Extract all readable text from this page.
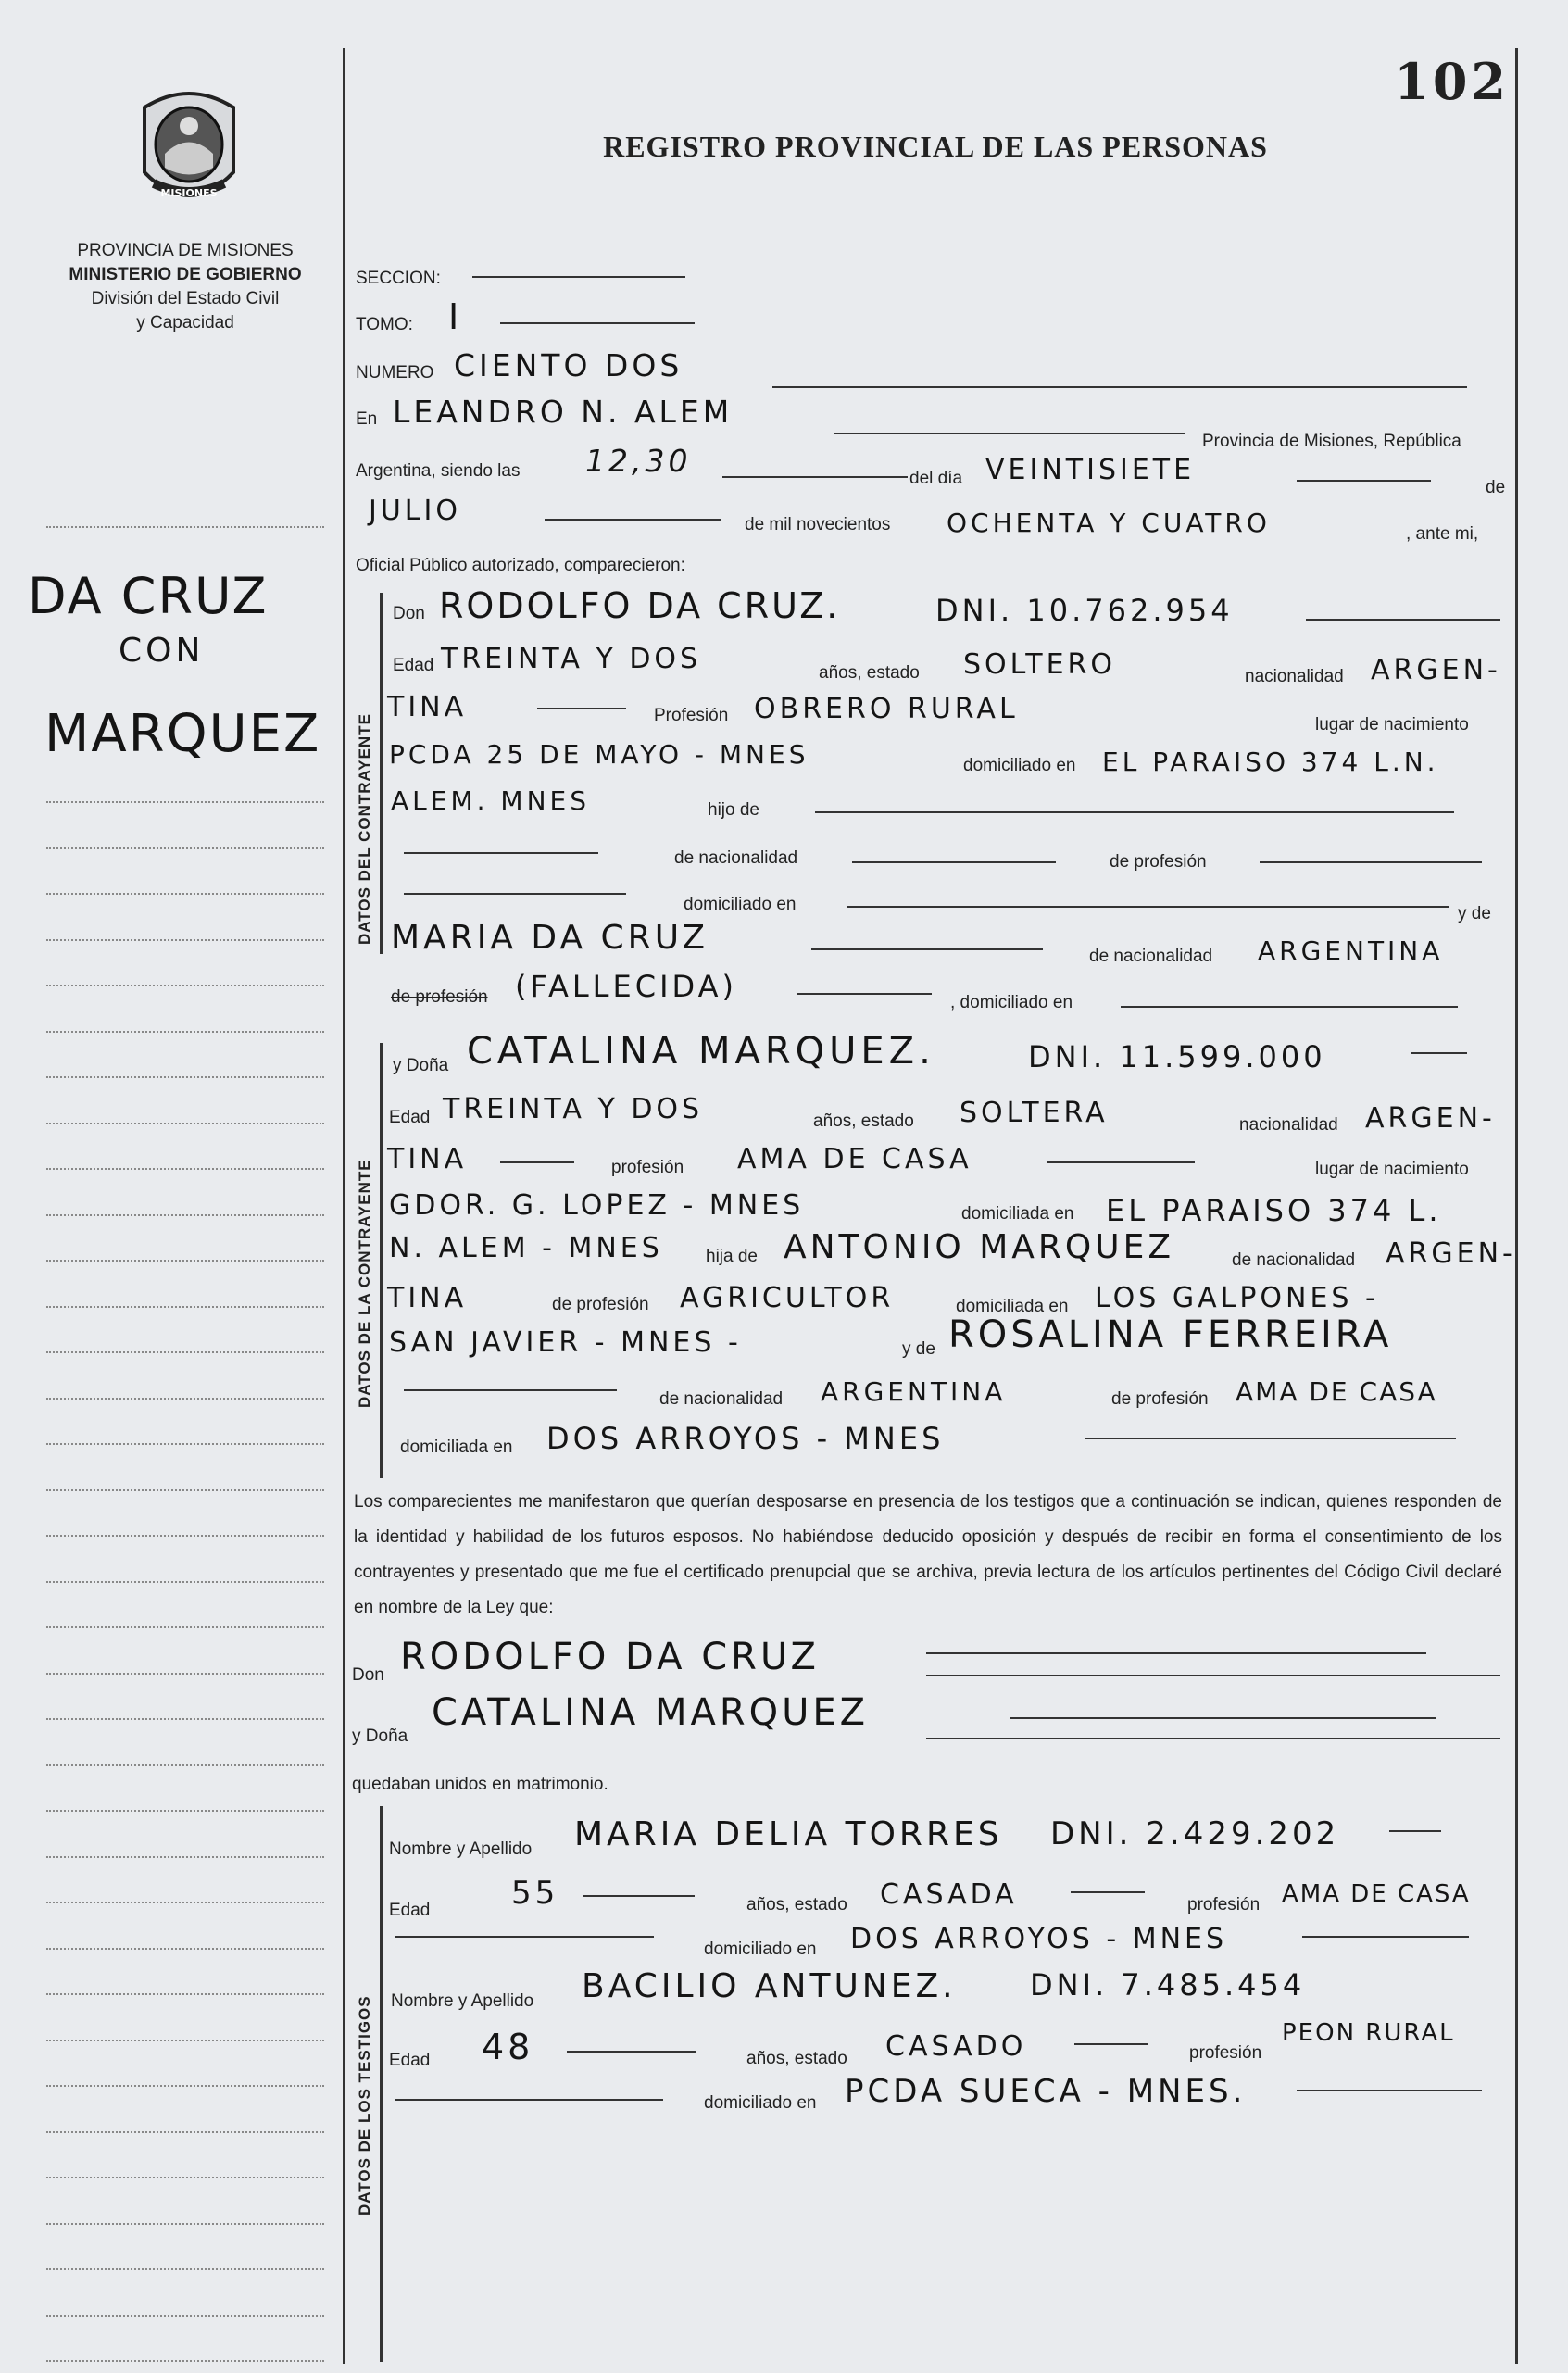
102
REGISTRO PROVINCIAL DE LAS PERSONAS
MISIONES
PROVINCIA DE MISIONES
MINISTERIO DE GOBIERNO
División del Estado Civil
y Capacidad
DA CRUZ
CON
MARQUEZ
SECCION:
TOMO: I
NUMERO CIENTO DOS
En LEANDRO N. ALEM
Provincia de Misiones, República
Argentina, siendo las 12,30	del día VEINTISIETE
de
JULIO	de mil novecientos OCHENTA Y CUATRO	, ante mi,
Oficial Público autorizado, comparecieron:
DATOS DEL CONTRAYENTE
Don RODOLFO DA CRUZ.	DNI. 10.762.954
Edad TREINTA Y DOS	años, estado SOLTERO	nacionalidad ARGEN-
TINA	Profesión OBRERO RURAL	lugar de nacimiento
PCDA 25 DE MAYO - MNES	domiciliado en EL PARAISO 374 L.N.
ALEM. MNES	hijo de
de nacionalidad	de profesión
domiciliado en	y de
MARIA DA CRUZ	de nacionalidad ARGENTINA
de profesión (FALLECIDA)	, domiciliado en
DATOS DE LA CONTRAYENTE
y Doña CATALINA MARQUEZ.	DNI. 11.599.000
Edad TREINTA Y DOS	años, estado SOLTERA	nacionalidad ARGEN-
TINA	profesión AMA DE CASA	lugar de nacimiento
GDOR. G. LOPEZ - MNES	domiciliada en EL PARAISO 374 L.
N. ALEM - MNES hija de ANTONIO MARQUEZ	de nacionalidad ARGEN-
TINA	de profesión AGRICULTOR	domiciliada en LOS GALPONES -
SAN JAVIER - MNES -	y de ROSALINA FERREIRA
de nacionalidad ARGENTINA	de profesión AMA DE CASA
domiciliada en DOS ARROYOS - MNES
Los comparecientes me manifestaron que querían desposarse en presencia de los testigos que a continuación se indican, quienes responden de la identidad y habilidad de los futuros esposos. No habiéndose deducido oposición y después de recibir en forma el consentimiento de los contrayentes y presentado que me fue el certificado prenupcial que se archiva, previa lectura de los artículos pertinentes del Código Civil declaré en nombre de la Ley que:
Don RODOLFO DA CRUZ
y Doña
CATALINA MARQUEZ
quedaban unidos en matrimonio.
DATOS DE LOS TESTIGOS
Nombre y Apellido MARIA DELIA TORRES DNI. 2.429.202
Edad	55	años, estado CASADA	profesión AMA DE CASA
domiciliado en DOS ARROYOS - MNES
Nombre y Apellido BACILIO ANTUNEZ. DNI. 7.485.454
Edad 48	años, estado CASADO	profesión
PEON RURAL
domiciliado en PCDA SUECA - MNES.
